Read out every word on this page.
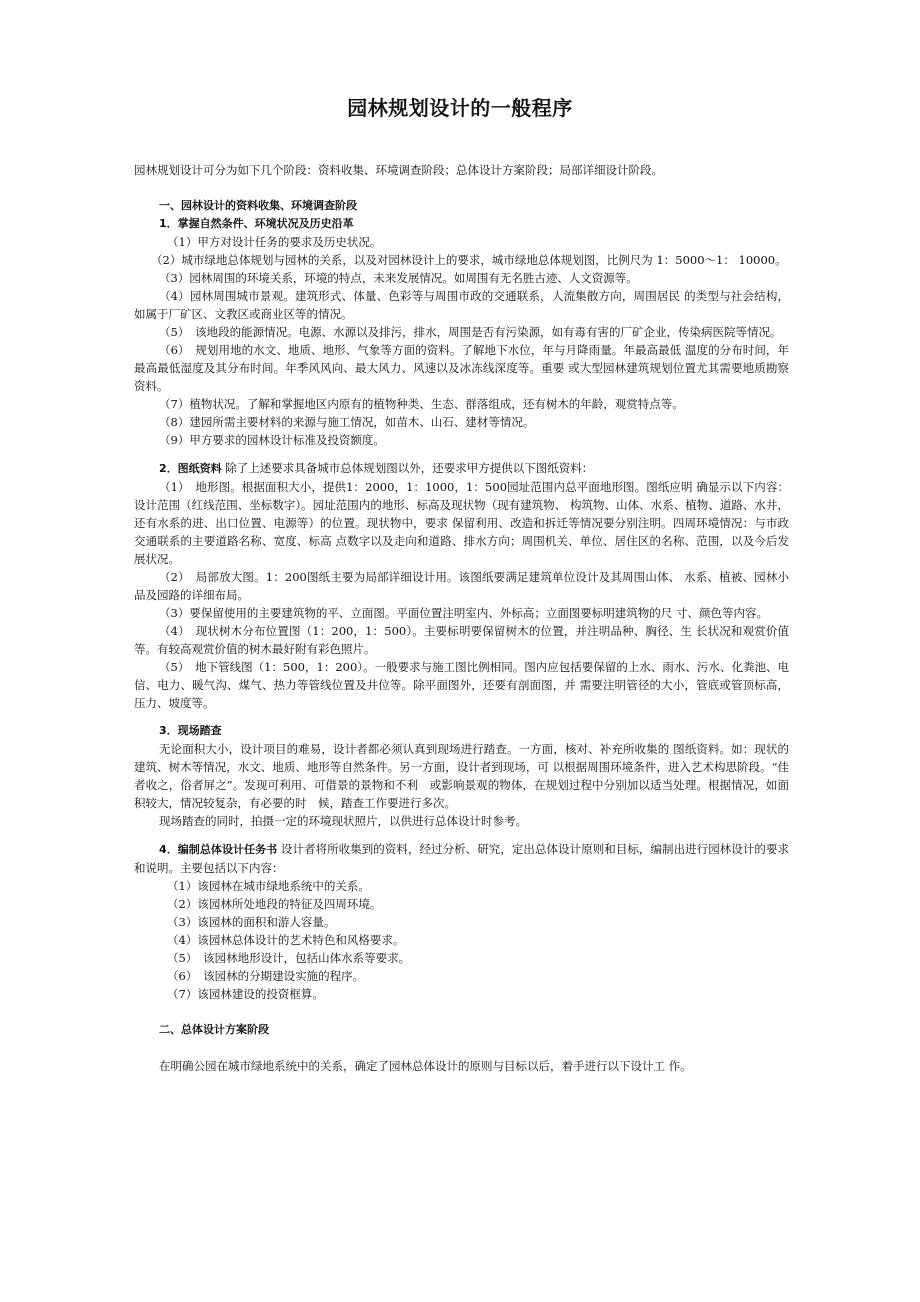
园林规划设计的一般程序

园林规划设计可分为如下几个阶段：资料收集、环境调查阶段；总体设计方案阶段；局部详细设计阶段。

一、园林设计的资料收集、环境调查阶段

1．掌握自然条件、环境状况及历史沿革

（1）甲方对设计任务的要求及历史状况。

（2）城市绿地总体规划与园林的关系，以及对园林设计上的要求，城市绿地总体规划图，比例尺为 1：5000～1： 10000。

（3）园林周围的环境关系，环境的特点，未来发展情况。如周围有无名胜古迹、人文资源等。

（4）园林周围城市景观。建筑形式、体量、色彩等与周围市政的交通联系，人流集散方向，周围居民 的类型与社会结构，如属于厂矿区、文教区或商业区等的情况。

（5）　该地段的能源情况。电源、水源以及排污，排水，周围是否有污染源，如有毒有害的厂矿企业，传染病医院等情况。

（6）　规划用地的水文、地质、地形、气象等方面的资料。了解地下水位，年与月降雨量。年最高最低 温度的分布时间，年最高最低湿度及其分布时间。年季风风向、最大风力、风速以及冰冻线深度等。重要 或大型园林建筑规划位置尤其需要地质勘察资料。

（7）植物状况。了解和掌握地区内原有的植物种类、生态、群落组成，还有树木的年龄，观赏特点等。

（8）建园所需主要材料的来源与施工情况，如苗木、山石、建材等情况。

（9）甲方要求的园林设计标准及投资额度。

2．图纸资料 除了上述要求具备城市总体规划图以外，还要求甲方提供以下图纸资料：

（1）　地形图。根据面积大小，提供1：2000，1：1000，1：500园址范围内总平面地形图。图纸应明 确显示以下内容：设计范围（红线范围、坐标数字）。园址范围内的地形、标高及现状物（现有建筑物、 构筑物、山体、水系、植物、道路、水井，还有水系的进、出口位置、电源等）的位置。现状物中，要求 保留利用、改造和拆迁等情况要分别注明。四周环境情况：与市政交通联系的主要道路名称、宽度、标高 点数字以及走向和道路、排水方向；周围机关、单位、居住区的名称、范围，以及今后发展状况。

（2）　局部放大图。1：200图纸主要为局部详细设计用。该图纸要满足建筑单位设计及其周围山体、 水系、植被、园林小品及园路的详细布局。

（3）要保留使用的主要建筑物的平、立面图。平面位置注明室内、外标高；立面图要标明建筑物的尺 寸、颜色等内容。

（4）　现状树木分布位置图（1：200，1：500）。主要标明要保留树木的位置，并注明品种、胸径、生 长状况和观赏价值等。有较高观赏价值的树木最好附有彩色照片。

（5）　地下管线图（1：500，1：200）。一般要求与施工图比例相同。图内应包括要保留的上水、雨水、污水、化粪池、电信、电力、暖气沟、煤气、热力等管线位置及井位等。除平面图外，还要有剖面图，并 需要注明管径的大小，管底或管顶标高，压力、坡度等。

3．现场踏查

无论面积大小，设计项目的难易，设计者都必须认真到现场进行踏查。一方面，核对、补充所收集的 图纸资料。如：现状的建筑、树木等情况，水文、地质、地形等自然条件。另一方面，设计者到现场，可 以根据周围环境条件，进入艺术构思阶段。“佳者收之，俗者屏之”。发现可利用、可借景的景物和不利　或影响景观的物体，在规划过程中分别加以适当处理。根据情况，如面积较大，情况较复杂，有必要的时　候，踏查工作要进行多次。

现场踏查的同时，拍摄一定的环境现状照片，以供进行总体设计时参考。

4．编制总体设计任务书 设计者将所收集到的资料，经过分析、研究，定出总体设计原则和目标，编制出进行园林设计的要求 和说明。主要包括以下内容：

（1）该园林在城市绿地系统中的关系。

（2）该园林所处地段的特征及四周环境。

（3）该园林的面积和游人容量。

（4）该园林总体设计的艺术特色和风格要求。

（5）　该园林地形设计，包括山体水系等要求。

（6）　该园林的分期建设实施的程序。

（7）该园林建设的投资框算。

二、总体设计方案阶段

在明确公园在城市绿地系统中的关系，确定了园林总体设计的原则与目标以后，着手进行以下设计工 作。
